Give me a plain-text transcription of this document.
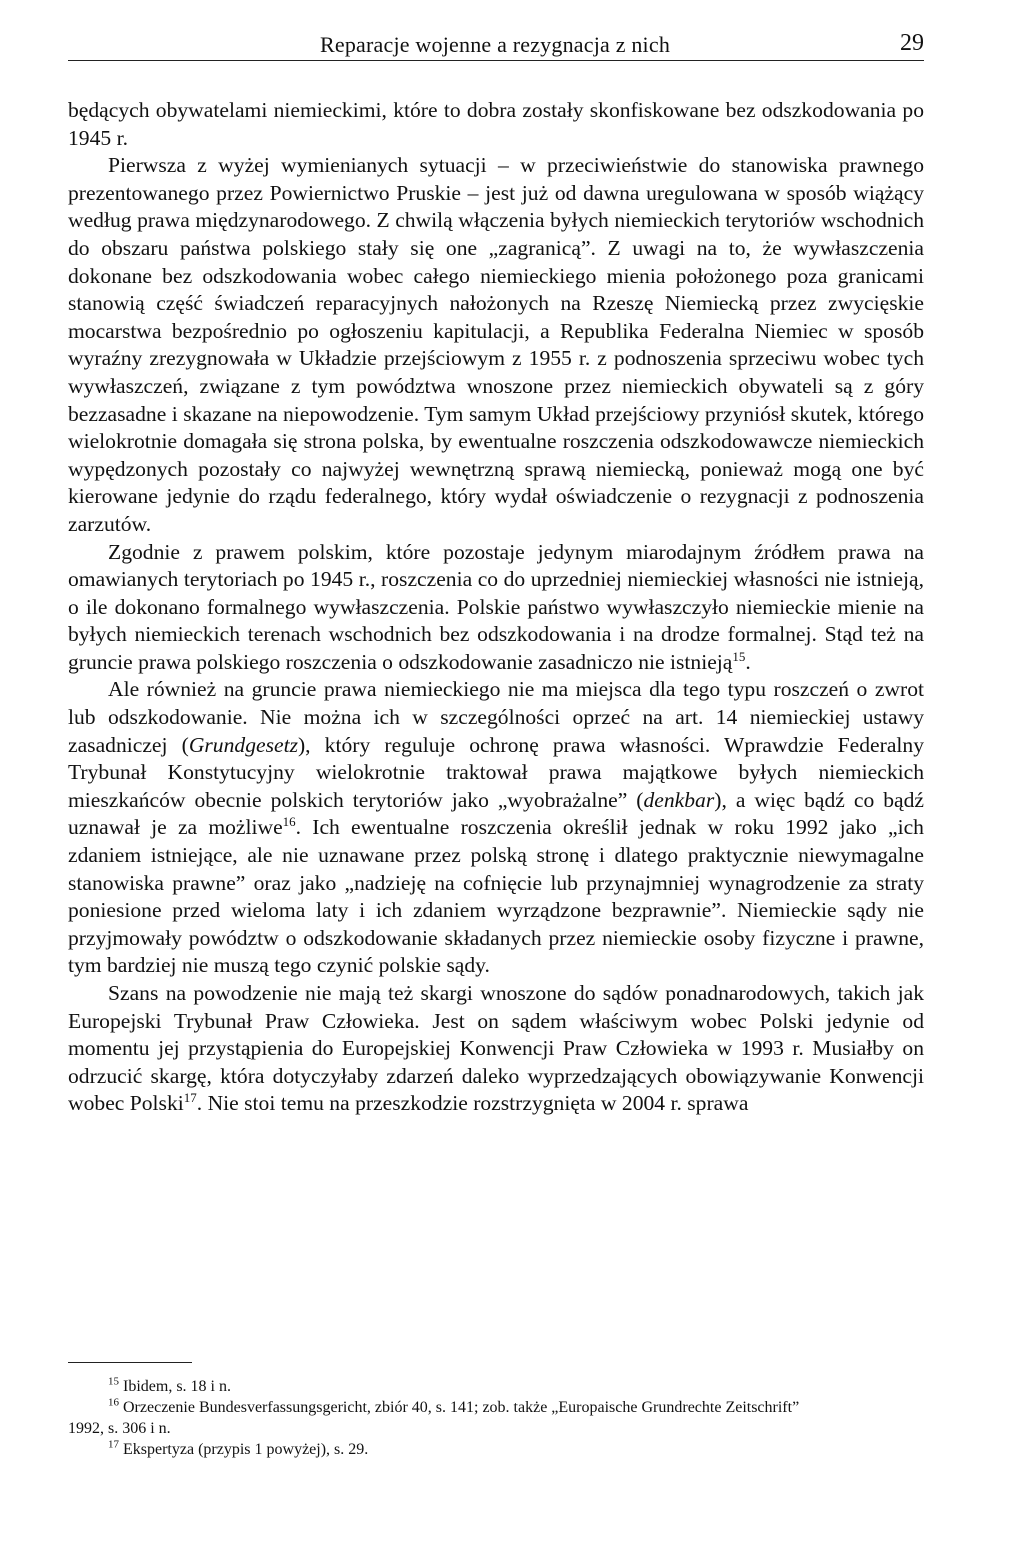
Reparacje wojenne a rezygnacja z nich	29

będących obywatelami niemieckimi, które to dobra zostały skonfiskowane bez odszkodowania po 1945 r.

Pierwsza z wyżej wymienianych sytuacji – w przeciwieństwie do stanowiska prawnego prezentowanego przez Powiernictwo Pruskie – jest już od dawna uregulowana w sposób wiążący według prawa międzynarodowego. Z chwilą włączenia byłych niemieckich terytoriów wschodnich do obszaru państwa polskiego stały się one „zagranicą”. Z uwagi na to, że wywłaszczenia dokonane bez odszkodowania wobec całego niemieckiego mienia położonego poza granicami stanowią część świadczeń reparacyjnych nałożonych na Rzeszę Niemiecką przez zwycięskie mocarstwa bezpośrednio po ogłoszeniu kapitulacji, a Republika Federalna Niemiec w sposób wyraźny zrezygnowała w Układzie przejściowym z 1955 r. z podnoszenia sprzeciwu wobec tych wywłaszczeń, związane z tym powództwa wnoszone przez niemieckich obywateli są z góry bezzasadne i skazane na niepowodzenie. Tym samym Układ przejściowy przyniósł skutek, którego wielokrotnie domagała się strona polska, by ewentualne roszczenia odszkodowawcze niemieckich wypędzonych pozostały co najwyżej wewnętrzną sprawą niemiecką, ponieważ mogą one być kierowane jedynie do rządu federalnego, który wydał oświadczenie o rezygnacji z podnoszenia zarzutów.

Zgodnie z prawem polskim, które pozostaje jedynym miarodajnym źródłem prawa na omawianych terytoriach po 1945 r., roszczenia co do uprzedniej niemieckiej własności nie istnieją, o ile dokonano formalnego wywłaszczenia. Polskie państwo wywłaszczyło niemieckie mienie na byłych niemieckich terenach wschodnich bez odszkodowania i na drodze formalnej. Stąd też na gruncie prawa polskiego roszczenia o odszkodowanie zasadniczo nie istnieją$^{15}$.

Ale również na gruncie prawa niemieckiego nie ma miejsca dla tego typu roszczeń o zwrot lub odszkodowanie. Nie można ich w szczególności oprzeć na art. 14 niemieckiej ustawy zasadniczej (Grundgesetz), który reguluje ochronę prawa własności. Wprawdzie Federalny Trybunał Konstytucyjny wielokrotnie traktował prawa majątkowe byłych niemieckich mieszkańców obecnie polskich terytoriów jako „wyobrażalne” (denkbar), a więc bądź co bądź uznawał je za możliwe$^{16}$. Ich ewentualne roszczenia określił jednak w roku 1992 jako „ich zdaniem istniejące, ale nie uznawane przez polską stronę i dlatego praktycznie niewymagalne stanowiska prawne” oraz jako „nadzieję na cofnięcie lub przynajmniej wynagrodzenie za straty poniesione przed wieloma laty i ich zdaniem wyrządzone bezprawnie”. Niemieckie sądy nie przyjmowały powództw o odszkodowanie składanych przez niemieckie osoby fizyczne i prawne, tym bardziej nie muszą tego czynić polskie sądy.

Szans na powodzenie nie mają też skargi wnoszone do sądów ponadnarodowych, takich jak Europejski Trybunał Praw Człowieka. Jest on sądem właściwym wobec Polski jedynie od momentu jej przystąpienia do Europejskiej Konwencji Praw Człowieka w 1993 r. Musiałby on odrzucić skargę, która dotyczyłaby zdarzeń daleko wyprzedzających obowiązywanie Konwencji wobec Polski$^{17}$. Nie stoi temu na przeszkodzie rozstrzygnięta w 2004 r. sprawa

$^{15}$ Ibidem, s. 18 i n.

$^{16}$ Orzeczenie Bundesverfassungsgericht, zbiór 40, s. 141; zob. także „Europaische Grundrechte Zeitschrift”

1992, s. 306 i n.

$^{17}$ Ekspertyza (przypis 1 powyżej), s. 29.
